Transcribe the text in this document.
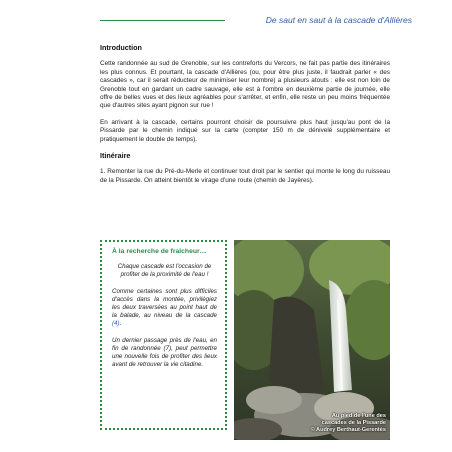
De saut en saut à la cascade d'Allières
Introduction

Cette randonnée au sud de Grenoble, sur les contreforts du Vercors, ne fait pas partie des itinéraires les plus connus. Et pourtant, la cascade d'Allières (ou, pour être plus juste, il faudrait parler « des cascades », car il serait réducteur de minimiser leur nombre) a plusieurs atouts : elle est non loin de Grenoble tout en gardant un cadre sauvage, elle est à l'ombre en deuxième partie de journée, elle offre de belles vues et des lieux agréables pour s'arrêter, et enfin, elle reste un peu moins fréquentée que d'autres sites ayant pignon sur rue !

En arrivant à la cascade, certains pourront choisir de poursuivre plus haut jusqu'au pont de la Pissarde par le chemin indiqué sur la carte (compter 150 m de dénivelé supplémentaire et pratiquement le double de temps).

Itinéraire

1. Remonter la rue du Pré-du-Merle et continuer tout droit par le sentier qui monte le long du ruisseau de la Pissarde. On atteint bientôt le virage d'une route (chemin de Jayères).

À la recherche de fraîcheur…

Chaque cascade est l'occasion de profiter de la proximité de l'eau !

Comme certaines sont plus difficiles d'accès dans la montée, privilégiez les deux traversées au point haut de la balade, au niveau de la cascade (4).

Un dernier passage près de l'eau, en fin de randonnée (7), peut permettre une nouvelle fois de profiter des lieux avant de retrouver la vie citadine.

Au pied de l'une des
cascades de la Pissarde
© Audrey Berthaut-Gerentès
